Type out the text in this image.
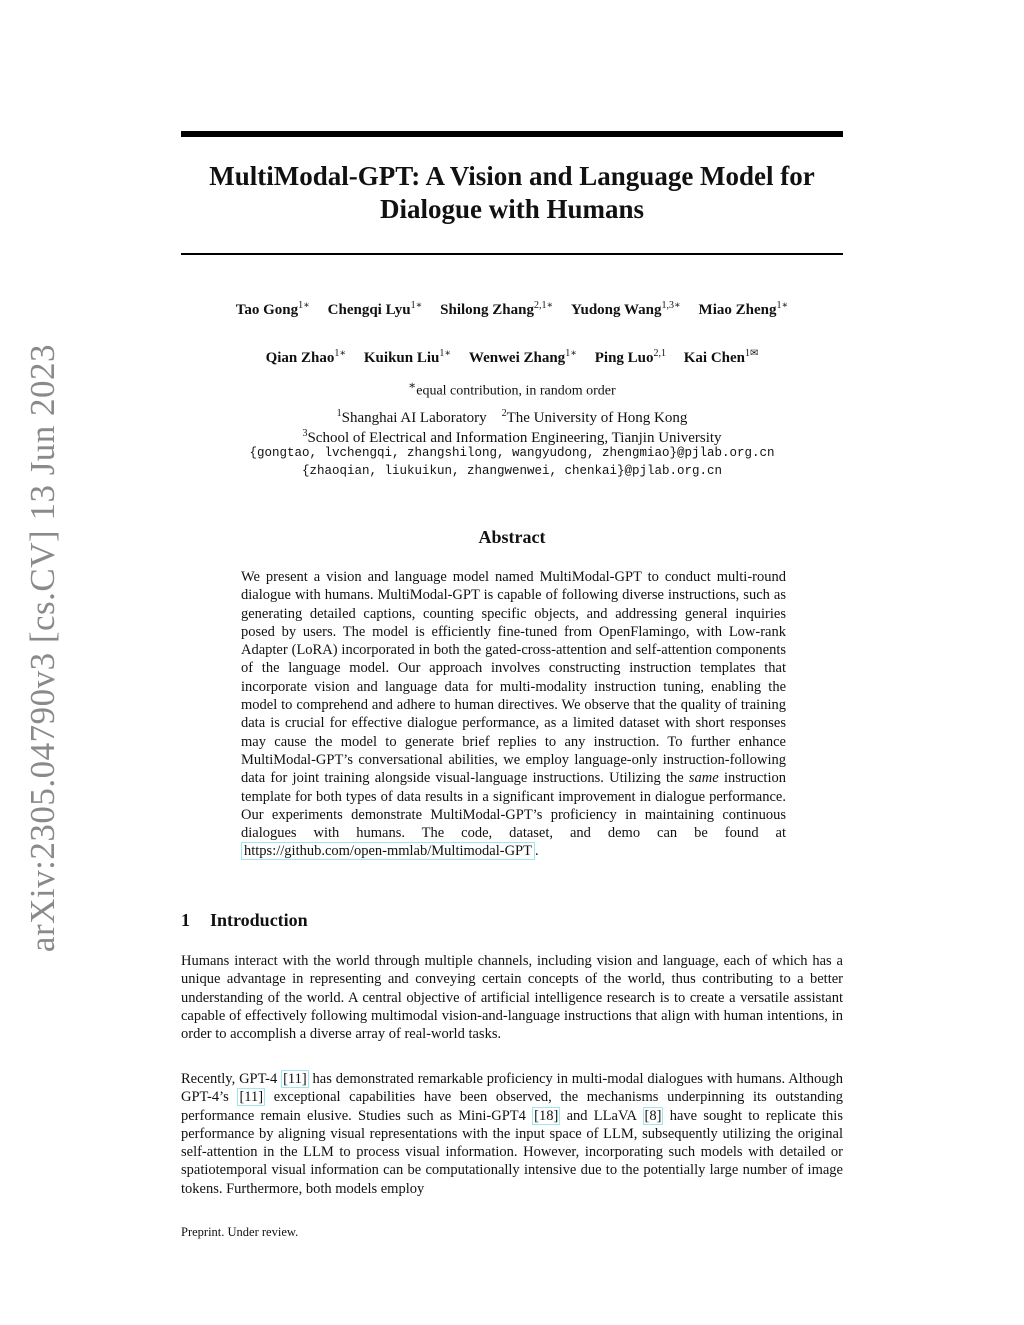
arXiv:2305.04790v3 [cs.CV] 13 Jun 2023
MultiModal-GPT: A Vision and Language Model for
Dialogue with Humans
Tao Gong$^{1∗}$ Chengqi Lyu$^{1∗}$ Shilong Zhang$^{2,1∗}$ Yudong Wang$^{1,3∗}$ Miao Zheng$^{1∗}$
Qian Zhao$^{1∗}$ Kuikun Liu$^{1∗}$ Wenwei Zhang$^{1∗}$ Ping Luo$^{2,1}$ Kai Chen$^{1✉}$
∗equal contribution, in random order
$^1$Shanghai AI Laboratory $^2$The University of Hong Kong
$^3$School of Electrical and Information Engineering, Tianjin University
{gongtao, lvchengqi, zhangshilong, wangyudong, zhengmiao}@pjlab.org.cn
{zhaoqian, liukuikun, zhangwenwei, chenkai}@pjlab.org.cn
Abstract
We present a vision and language model named MultiModal-GPT to conduct multi-round dialogue with humans. MultiModal-GPT is capable of following diverse instructions, such as generating detailed captions, counting specific objects, and addressing general inquiries posed by users. The model is efficiently fine-tuned from OpenFlamingo, with Low-rank Adapter (LoRA) incorporated in both the gated-cross-attention and self-attention components of the language model. Our approach involves constructing instruction templates that incorporate vision and language data for multi-modality instruction tuning, enabling the model to comprehend and adhere to human directives. We observe that the quality of training data is crucial for effective dialogue performance, as a limited dataset with short responses may cause the model to generate brief replies to any instruction. To further enhance MultiModal-GPT’s conversational abilities, we employ language-only instruction-following data for joint training alongside visual-language instructions. Utilizing the same instruction template for both types of data results in a significant improvement in dialogue performance. Our experiments demonstrate MultiModal-GPT’s proficiency in maintaining continuous dialogues with humans. The code, dataset, and demo can be found at https://github.com/open-mmlab/Multimodal-GPT .
1 Introduction
Humans interact with the world through multiple channels, including vision and language, each of which has a unique advantage in representing and conveying certain concepts of the world, thus contributing to a better understanding of the world. A central objective of artificial intelligence research is to create a versatile assistant capable of effectively following multimodal vision-and-language instructions that align with human intentions, in order to accomplish a diverse array of real-world tasks.
Recently, GPT-4 [11] has demonstrated remarkable proficiency in multi-modal dialogues with humans. Although GPT-4’s [11] exceptional capabilities have been observed, the mechanisms underpinning its outstanding performance remain elusive. Studies such as Mini-GPT4 [18] and LLaVA [8] have sought to replicate this performance by aligning visual representations with the input space of LLM, subsequently utilizing the original self-attention in the LLM to process visual information. However, incorporating such models with detailed or spatiotemporal visual information can be computationally intensive due to the potentially large number of image tokens. Furthermore, both models employ
Preprint. Under review.
